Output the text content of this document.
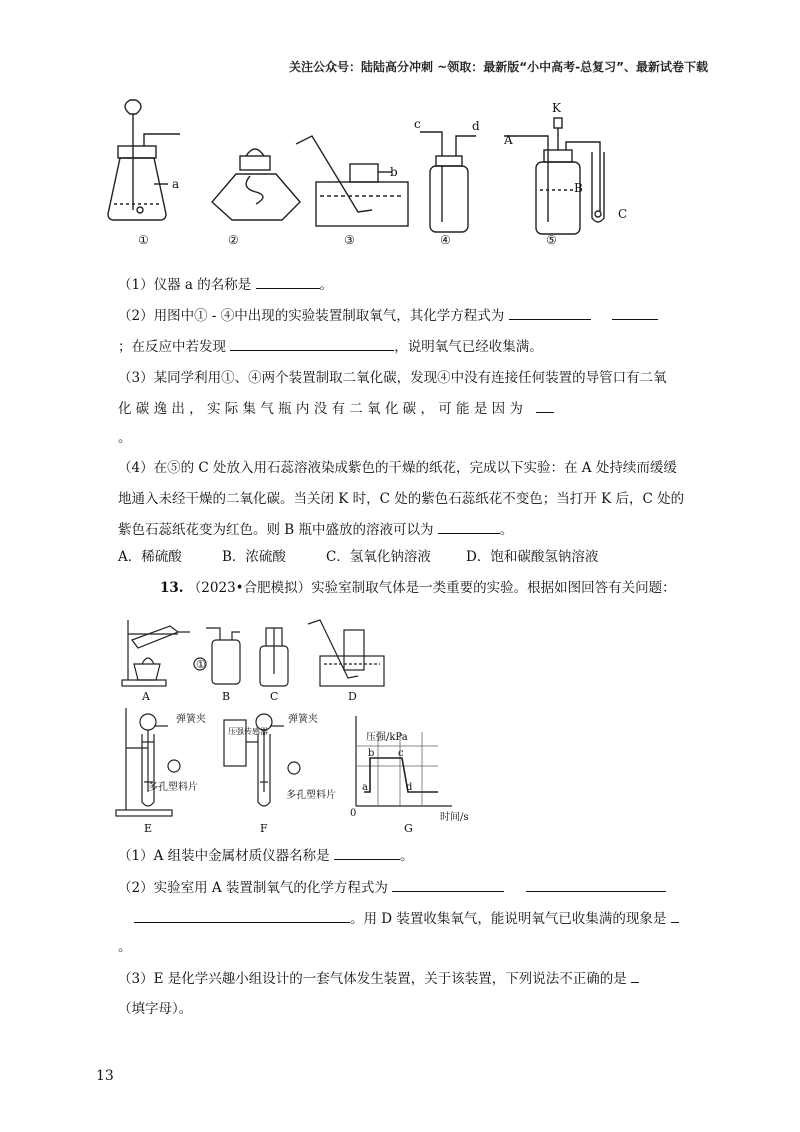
关注公众号：陆陆高分冲刺 ~领取：最新版“小中高考-总复习”、最新试卷下载
a
b
c	d
A
K
B
C
①	②	③	④	⑤
（1）仪器 a 的名称是	。
（2）用图中① - ④中出现的实验装置制取氧气，其化学方程式为
；在反应中若发现	，说明氧气已经收集满。
（3）某同学利用①、④两个装置制取二氧化碳，发现④中没有连接任何装置的导管口有二氧
化 碳 逸 出 ， 实 际 集 气 瓶 内 没 有 二 氧 化 碳 ， 可 能 是 因 为
。
（4）在⑤的 C 处放入用石蕊溶液染成紫色的干燥的纸花，完成以下实验：在 A 处持续而缓缓
地通入未经干燥的二氧化碳。当关闭 K 时，C 处的紫色石蕊纸花不变色；当打开 K 后，C 处的
紫色石蕊纸花变为红色。则 B 瓶中盛放的溶液可以为	。
A．稀硫酸	B．浓硫酸	C．氢氧化钠溶液	D．饱和碳酸氢钠溶液
13. （2023•合肥模拟）实验室制取气体是一类重要的实验。根据如图回答有关问题：
①
A	B	C	D
弹簧夹
多孔塑料片
压强传感器
弹簧夹
多孔塑料片
压强/kPa
时间/s
0
a
b c
d
E	F	G
（1）A 组装中金属材质仪器名称是	。
（2）实验室用 A 装置制氧气的化学方程式为
。用 D 装置收集氧气，能说明氧气已收集满的现象是
。
（3）E 是化学兴趣小组设计的一套气体发生装置，关于该装置，下列说法不正确的是
（填字母）。
13
